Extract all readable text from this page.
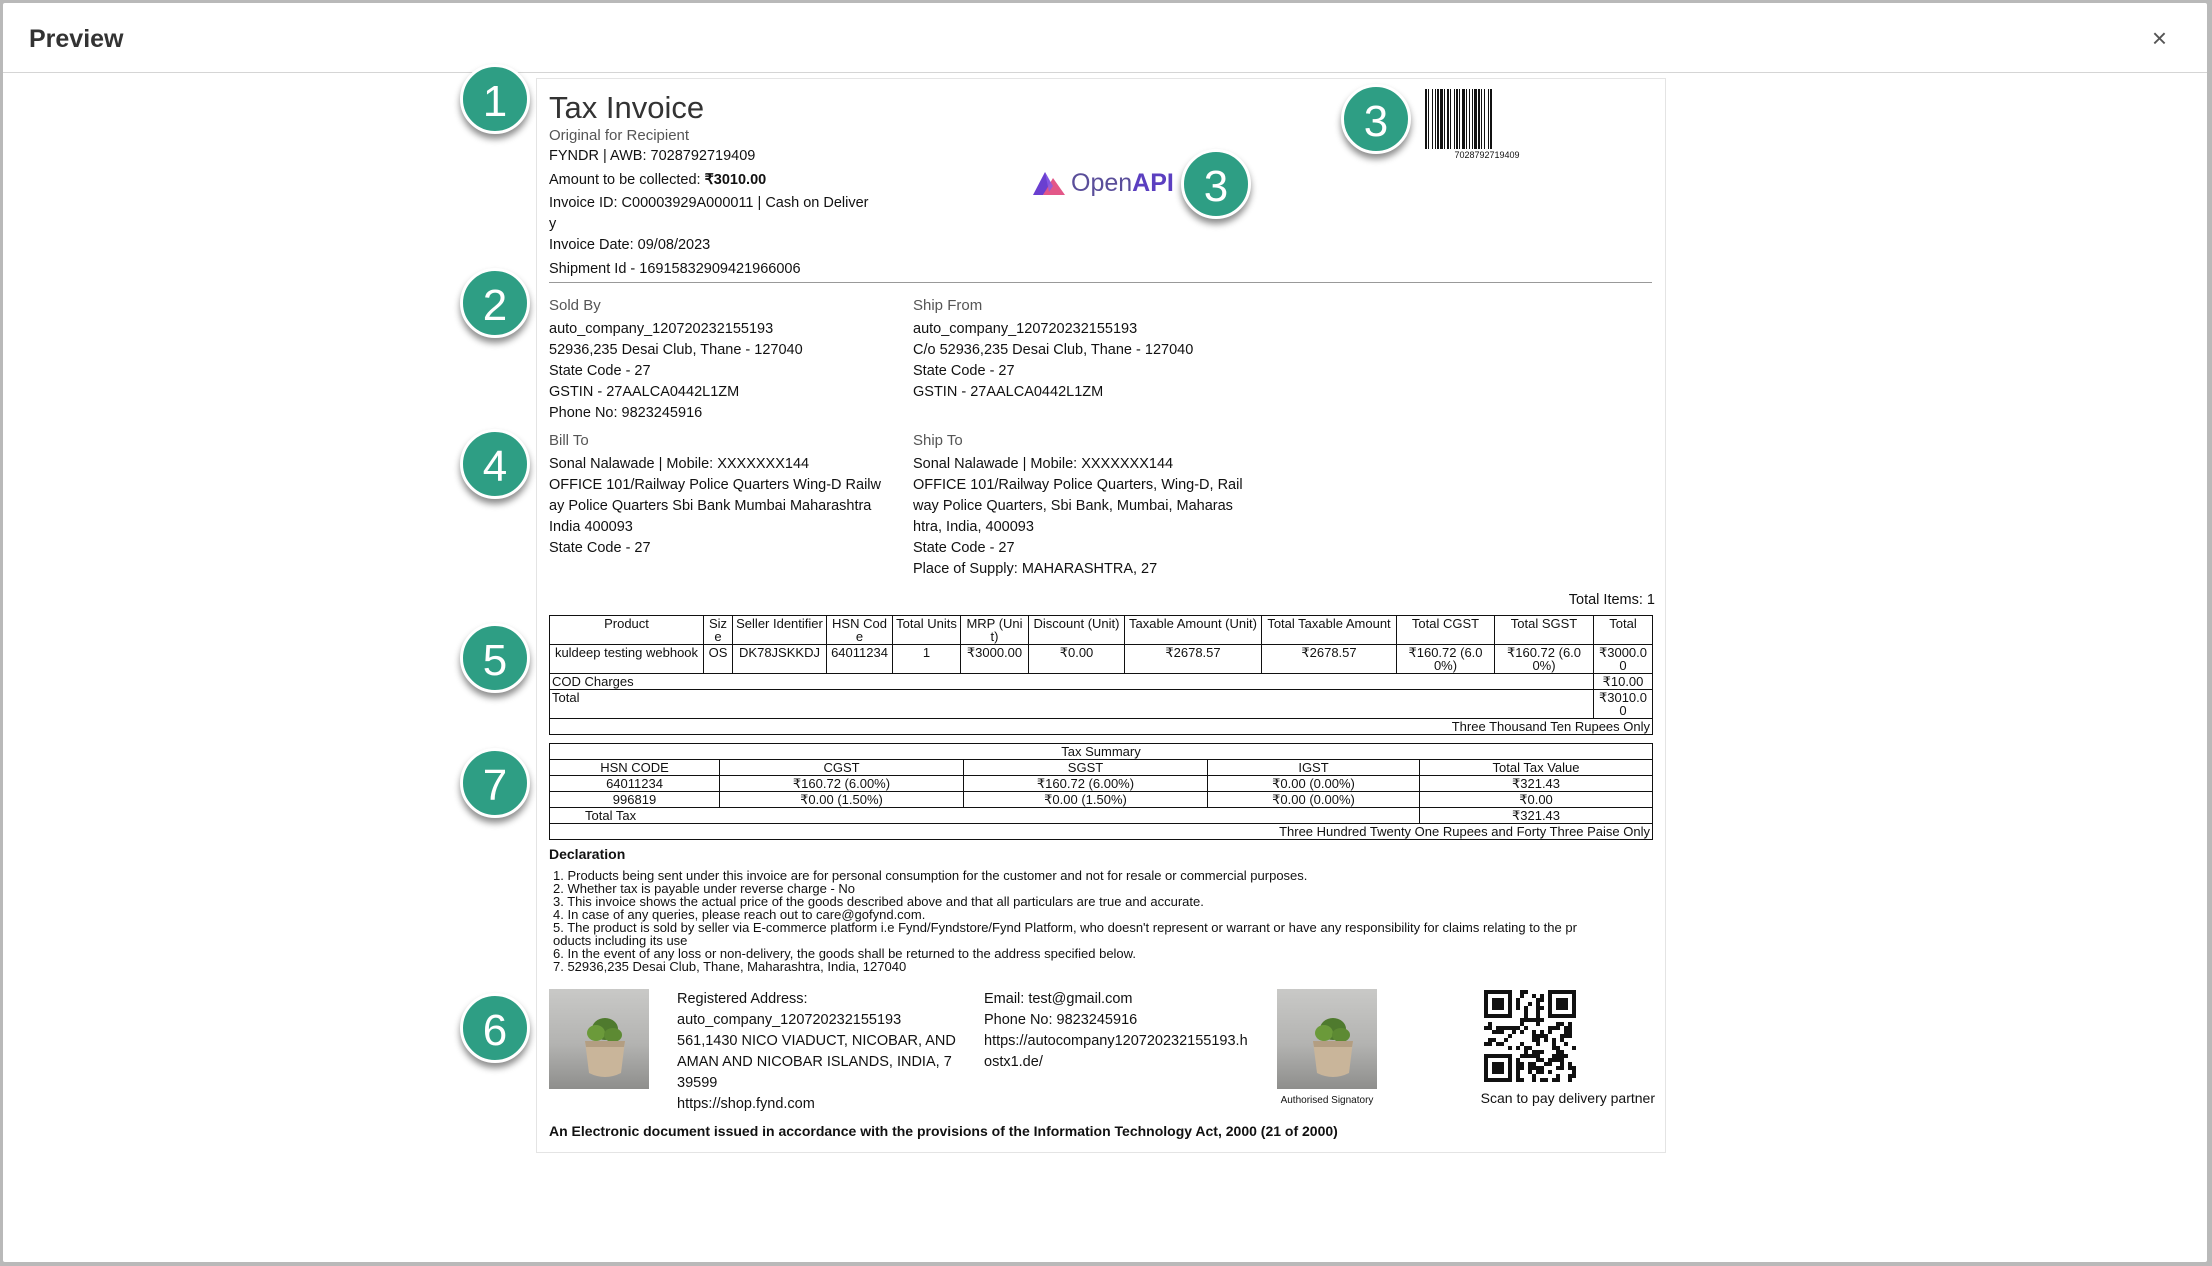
Preview	×
1
2
3
3
4
5
7
6
Tax Invoice
Original for Recipient
FYNDR | AWB: 7028792719409
Amount to be collected: ₹3010.00
Invoice ID: C00003929A000011 | Cash on Deliver
y
Invoice Date: 09/08/2023
Shipment Id - 16915832909421966006
Open API
7028792719409
Sold By
auto_company_120720232155193
52936,235 Desai Club, Thane - 127040
State Code - 27
GSTIN - 27AALCA0442L1ZM
Phone No: 9823245916
Ship From
auto_company_120720232155193
C/o 52936,235 Desai Club, Thane - 127040
State Code - 27
GSTIN - 27AALCA0442L1ZM
Bill To
Sonal Nalawade | Mobile: XXXXXXX144
OFFICE 101/Railway Police Quarters Wing-D Railw
ay Police Quarters Sbi Bank Mumbai Maharashtra
India 400093
State Code - 27
Ship To
Sonal Nalawade | Mobile: XXXXXXX144
OFFICE 101/Railway Police Quarters, Wing-D, Rail
way Police Quarters, Sbi Bank, Mumbai, Maharas
htra, India, 400093
State Code - 27
Place of Supply: MAHARASHTRA, 27
Total Items: 1
Product	Size	Seller Identifier	HSN Code	Total Units	MRP (Unit)	Discount (Unit)	Taxable Amount (Unit)	Total Taxable Amount	Total CGST	Total SGST	Total
kuldeep testing webhook	OS	DK78JSKKDJ	64011234	1	₹3000.00	₹0.00	₹2678.57	₹2678.57	₹160.72 (6.00%)	₹160.72 (6.00%)	₹3000.00
COD Charges											₹10.00
Total											₹3010.00
Three Thousand Ten Rupees Only											
Tax Summary				
HSN CODE	CGST	SGST	IGST	Total Tax Value
64011234	₹160.72 (6.00%)	₹160.72 (6.00%)	₹0.00 (0.00%)	₹321.43
996819	₹0.00 (1.50%)	₹0.00 (1.50%)	₹0.00 (0.00%)	₹0.00
Total Tax				₹321.43
Three Hundred Twenty One Rupees and Forty Three Paise Only				
Declaration
1. Products being sent under this invoice are for personal consumption for the customer and not for resale or commercial purposes.
2. Whether tax is payable under reverse charge - No
3. This invoice shows the actual price of the goods described above and that all particulars are true and accurate.
4. In case of any queries, please reach out to care@gofynd.com.
5. The product is sold by seller via E-commerce platform i.e Fynd/Fyndstore/Fynd Platform, who doesn't represent or warrant or have any responsibility for claims relating to the pr
oducts including its use
6. In the event of any loss or non-delivery, the goods shall be returned to the address specified below.
7. 52936,235 Desai Club, Thane, Maharashtra, India, 127040
Registered Address:
auto_company_120720232155193
561,1430 NICO VIADUCT, NICOBAR, AND
AMAN AND NICOBAR ISLANDS, INDIA, 7
39599
https://shop.fynd.com
Email: test@gmail.com
Phone No: 9823245916
https://autocompany120720232155193.h
ostx1.de/
Authorised Signatory	Scan to pay delivery partner
An Electronic document issued in accordance with the provisions of the Information Technology Act, 2000 (21 of 2000)
